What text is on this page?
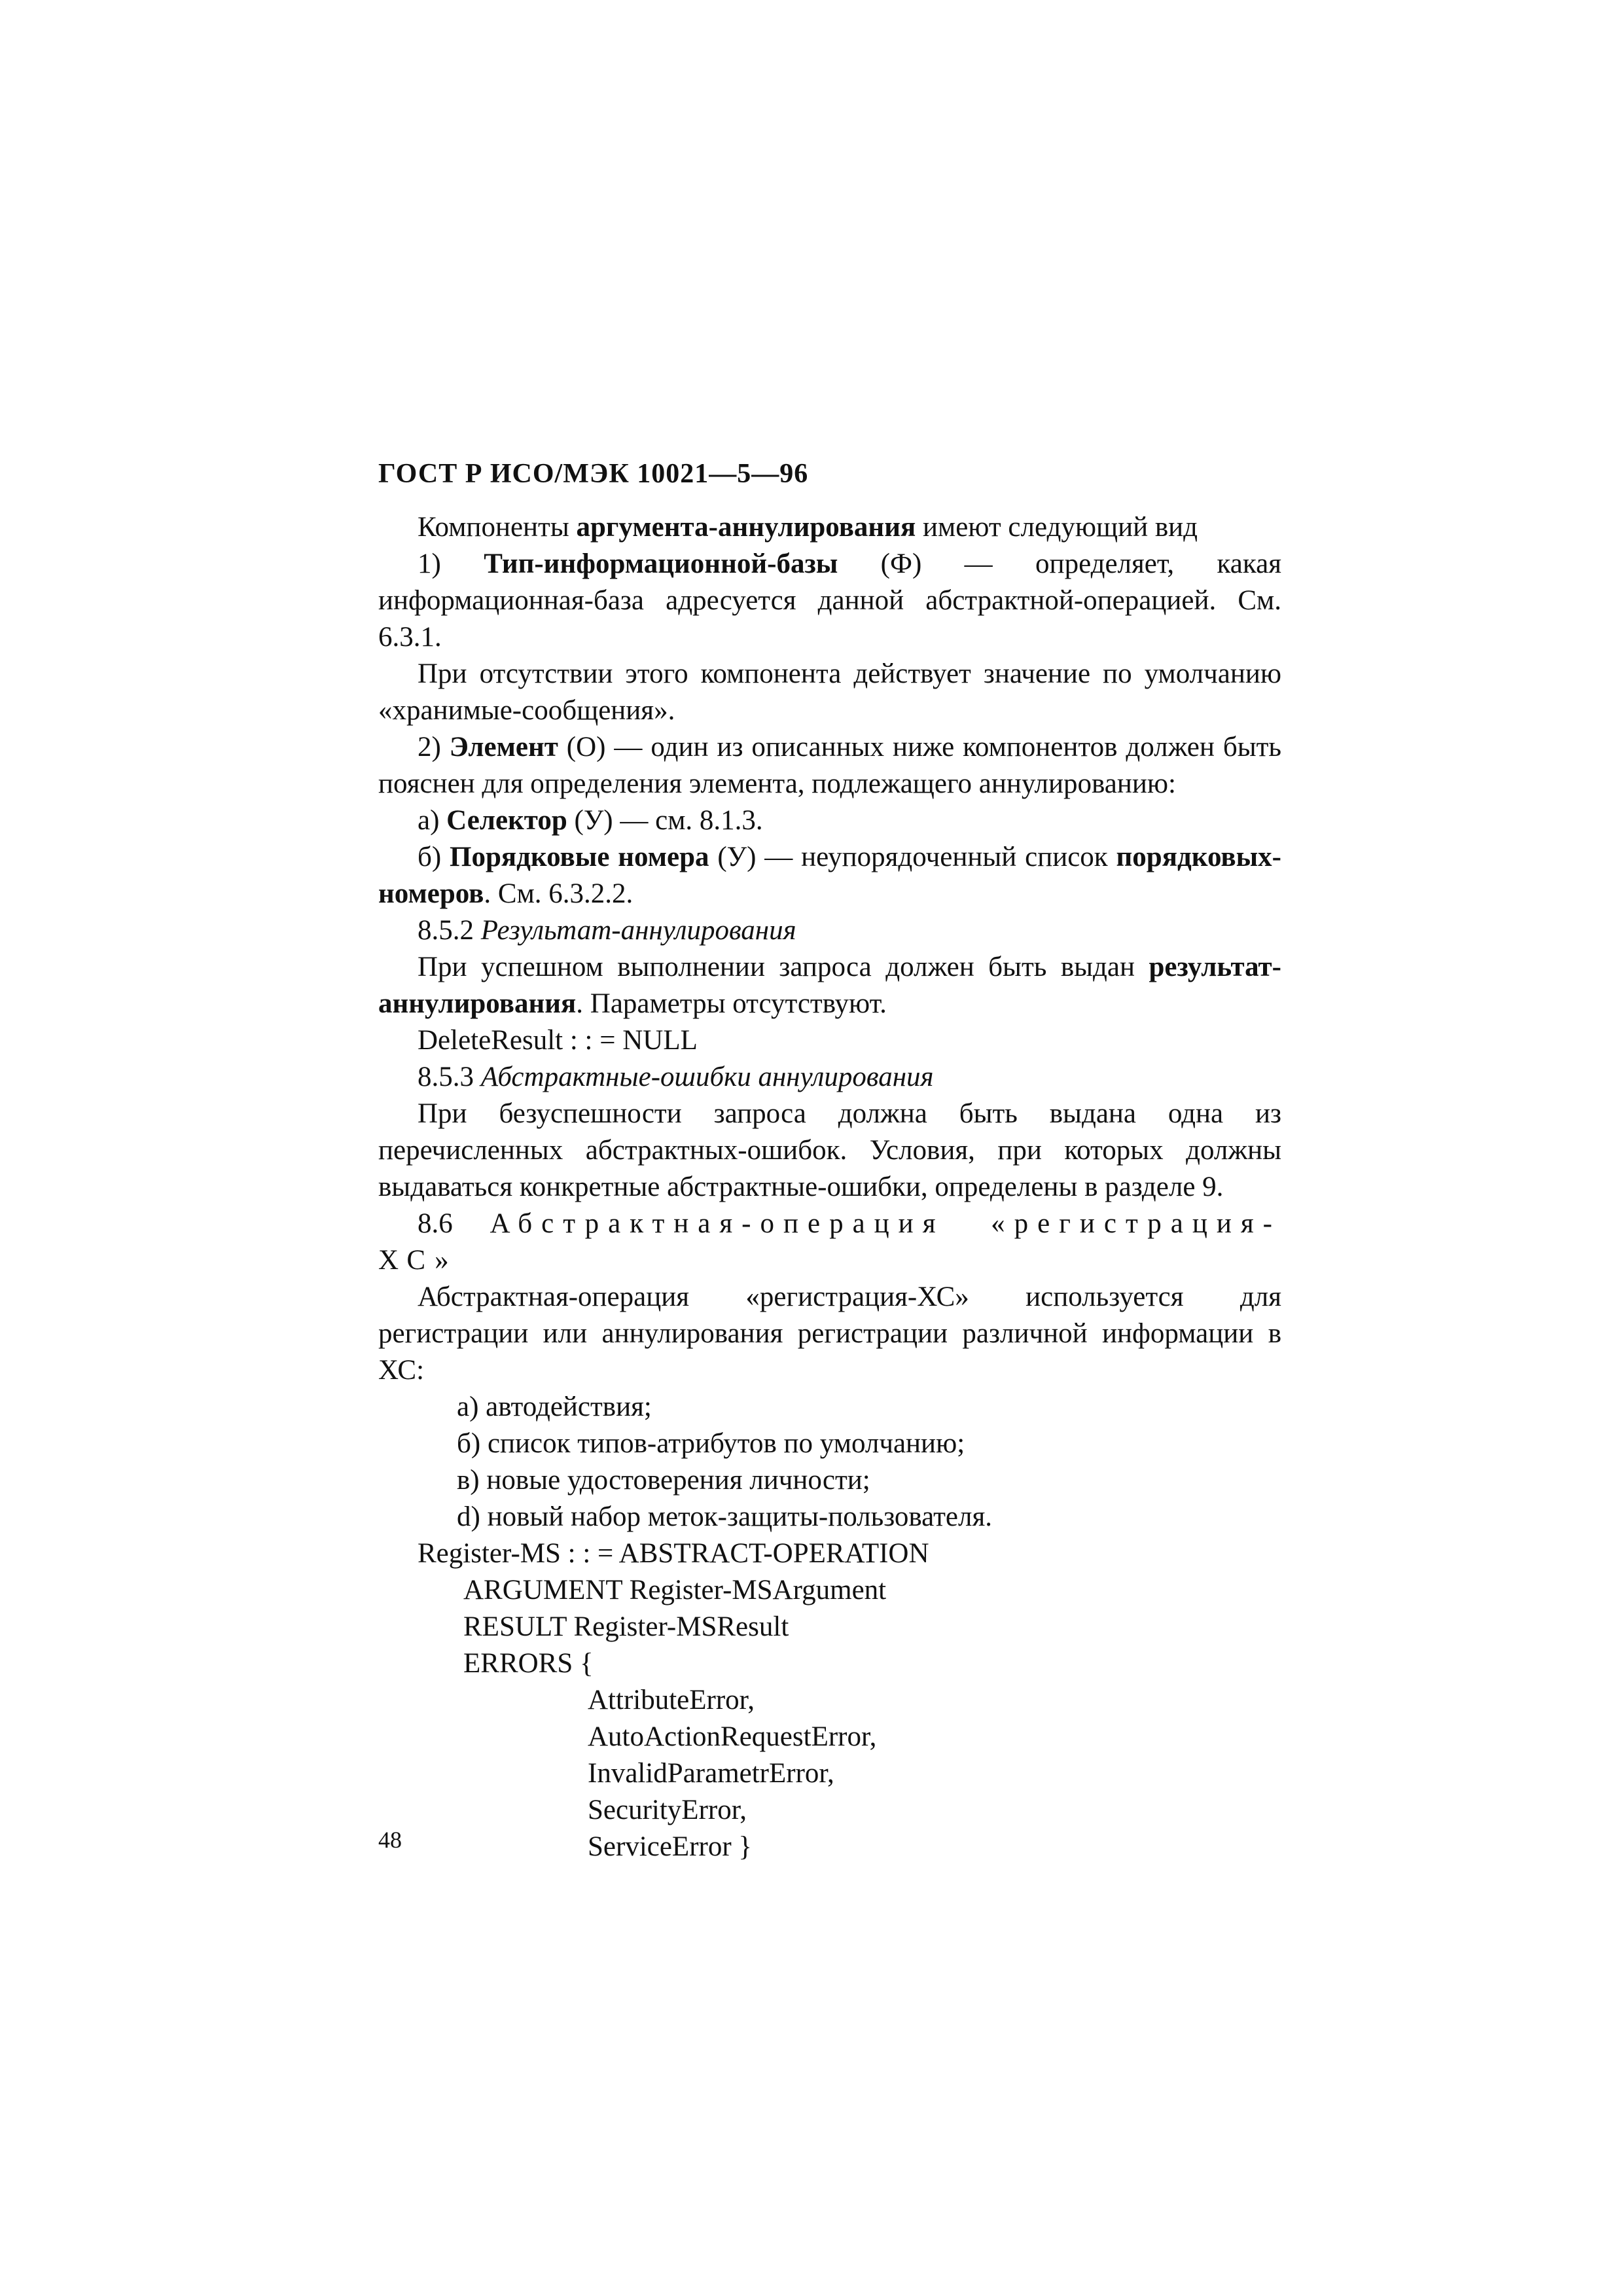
ГОСТ Р ИСО/МЭК 10021—5—96

Компоненты аргумента-аннулирования имеют следующий вид

1) Тип-информационной-базы (Ф) — определяет, какая информационная-база адресуется данной абстрактной-операцией. См. 6.3.1.

При отсутствии этого компонента действует значение по умолчанию «хранимые-сообщения».

2) Элемент (О) — один из описанных ниже компонентов должен быть пояснен для определения элемента, подлежащего аннулированию:

а) Селектор (У) — см. 8.1.3.

б) Порядковые номера (У) — неупорядоченный список порядковых-номеров. См. 6.3.2.2.

8.5.2 Результат-аннулирования

При успешном выполнении запроса должен быть выдан результат-аннулирования. Параметры отсутствуют.

DeleteResult : : = NULL

8.5.3 Абстрактные-ошибки аннулирования

При безуспешности запроса должна быть выдана одна из перечисленных абстрактных-ошибок. Условия, при которых должны выдаваться конкретные абстрактные-ошибки, определены в разделе 9.

8.6 Абстрактная-операция «регистрация-ХС»

Абстрактная-операция «регистрация-ХС» используется для регистрации или аннулирования регистрации различной информации в ХС:

а) автодействия;

б) список типов-атрибутов по умолчанию;

в) новые удостоверения личности;

d) новый набор меток-защиты-пользователя.

Register-MS : : = ABSTRACT-OPERATION
ARGUMENT Register-MSArgument
RESULT Register-MSResult
ERRORS {
AttributeError,
AutoActionRequestError,
InvalidParametrError,
SecurityError,
ServiceError }
48
